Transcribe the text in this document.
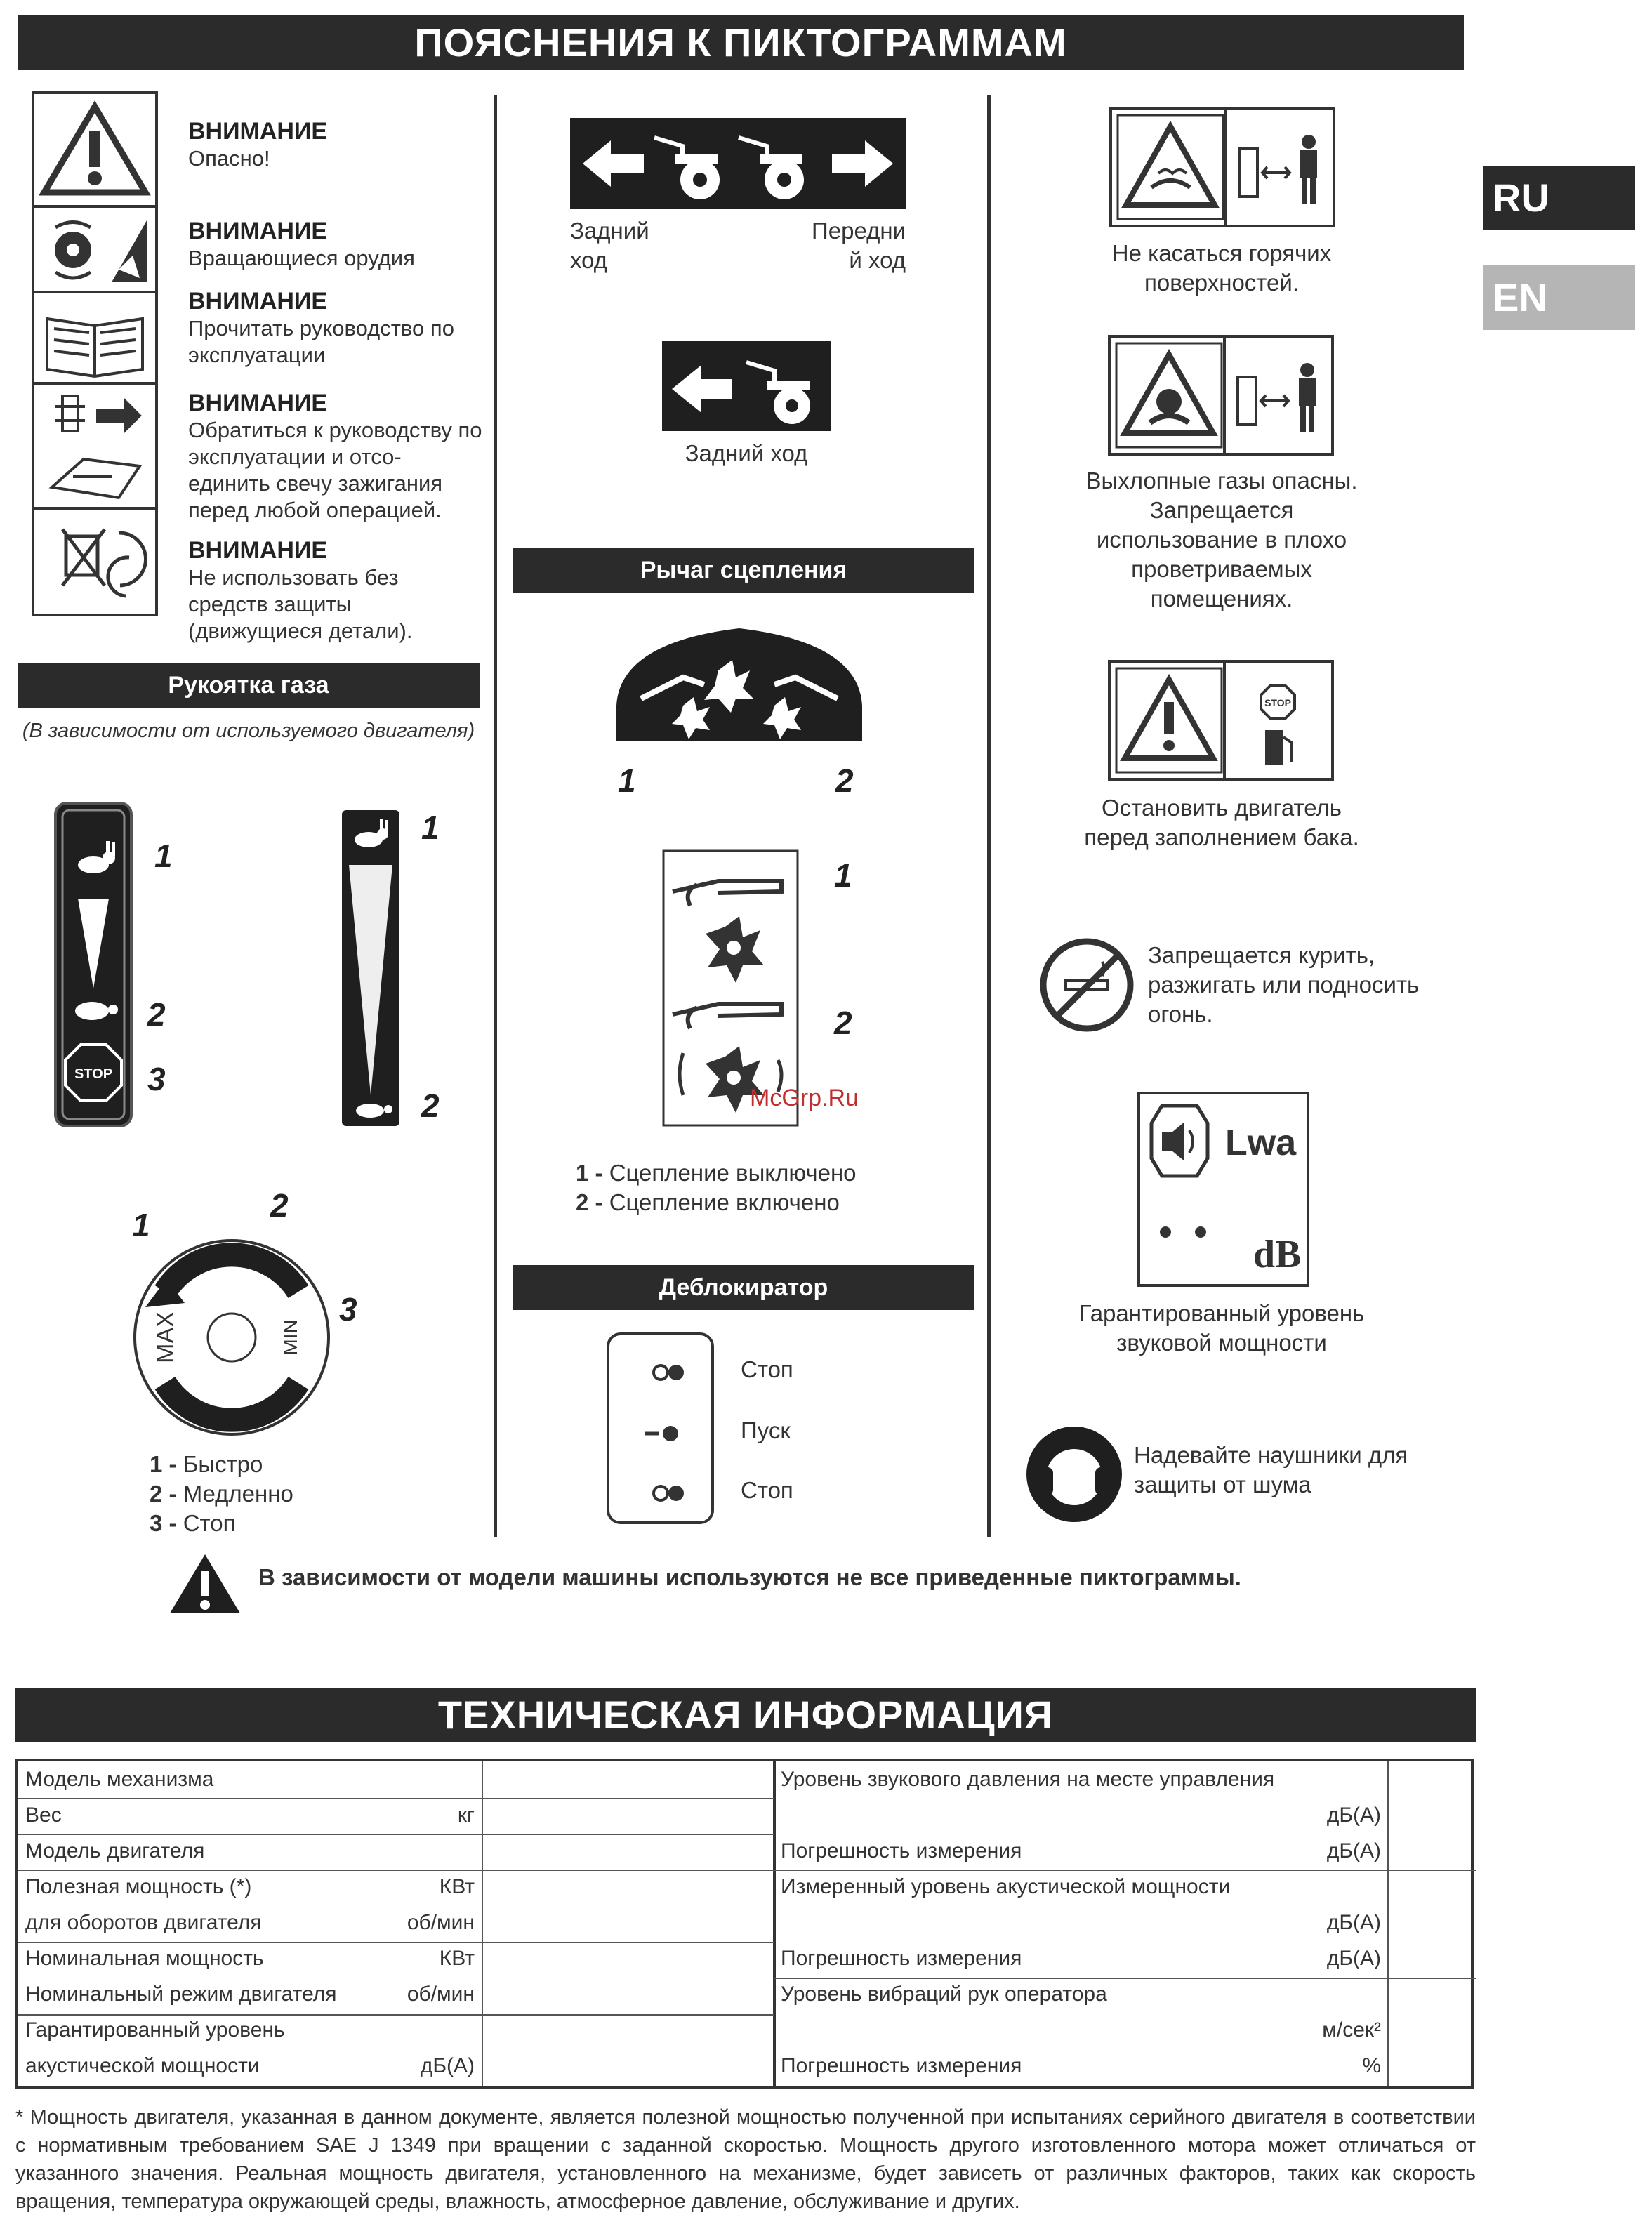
ПОЯСНЕНИЯ К ПИКТОГРАММАМ
RU
EN
ВНИМАНИЕ
Опасно!
ВНИМАНИЕ
Вращающиеся орудия
ВНИМАНИЕ
Прочитать руководство по эксплуатации
ВНИМАНИЕ
Обратиться к руководству по эксплуатации и отсо- единить свечу зажигания перед любой операцией.
ВНИМАНИЕ
Не использовать без средств защиты (движущиеся детали).
Рукоятка газа
(В зависимости от используемого двигателя)
STOP
1
2
3
1
2
1
2
3
MAX	MIN
1 - Быстро
2 - Медленно
3 - Стоп
Задний ход
Передни й ход
Задний ход
Рычаг сцепления
1	2
1
2
McGrp.Ru
1 - Сцепление выключено
2 - Сцепление включено
Деблокиратор
Стоп
Пуск
Стоп
Не касаться горячих поверхностей.
Выхлопные газы опасны. Запрещается использование в плохо проветриваемых помещениях.
STOP
Остановить двигатель перед заполнением бака.
Запрещается курить, разжигать или подносить огонь.
Lwa
dB
Гарантированный уровень звуковой мощности
Надевайте наушники для защиты от шума
В зависимости от модели машины используются не все приведенные пиктограммы.
ТЕХНИЧЕСКАЯ ИНФОРМАЦИЯ
Модель механизма	
Вес	кг
Модель двигателя	
Полезная мощность (*)	КВт
для оборотов двигателя	об/мин
Номинальная мощность	КВт
Номинальный режим двигателя	об/мин
Гарантированный уровень	
акустической мощности	дБ(A)
Уровень звукового давления на месте управления	
	дБ(A)
Погрешность измерения	дБ(A)
Измеренный уровень акустической мощности	
	дБ(A)
Погрешность измерения	дБ(A)
Уровень вибраций рук оператора	
	м/сек²
Погрешность измерения	%
* Мощность двигателя, указанная в данном документе, является полезной мощностью полученной при испытаниях серийного двигателя в соответствии с нормативным требованием SAE J 1349 при вращении с заданной скоростью. Мощность другого изготовленного мотора может отличаться от указанного значения. Реальная мощность двигателя, установленного на механизме, будет зависеть от различных факторов, таких как скорость вращения, температура окружающей среды, влажность, атмосферное давление, обслуживание и других.
